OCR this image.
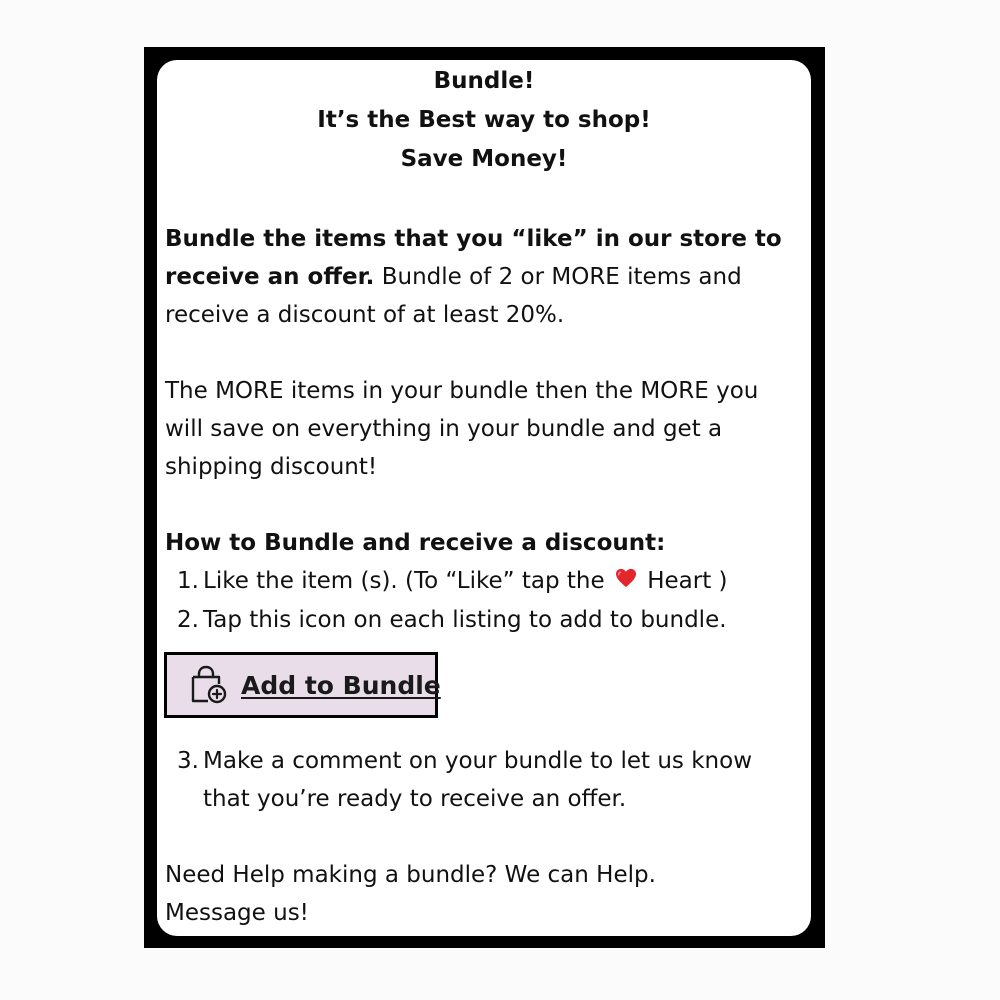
Bundle!
It’s the Best way to shop!
Save Money!
Bundle the items that you “like” in our store to
receive an offer. Bundle of 2 or MORE items and
receive a discount of at least 20%.
The MORE items in your bundle then the MORE you
will save on everything in your bundle and get a
shipping discount!
How to Bundle and receive a discount:
1. Like the item (s). (To “Like” tap the Heart )
2. Tap this icon on each listing to add to bundle.
Add to Bundle
3. Make a comment on your bundle to let us know
that you’re ready to receive an offer.
Need Help making a bundle? We can Help.
Message us!
